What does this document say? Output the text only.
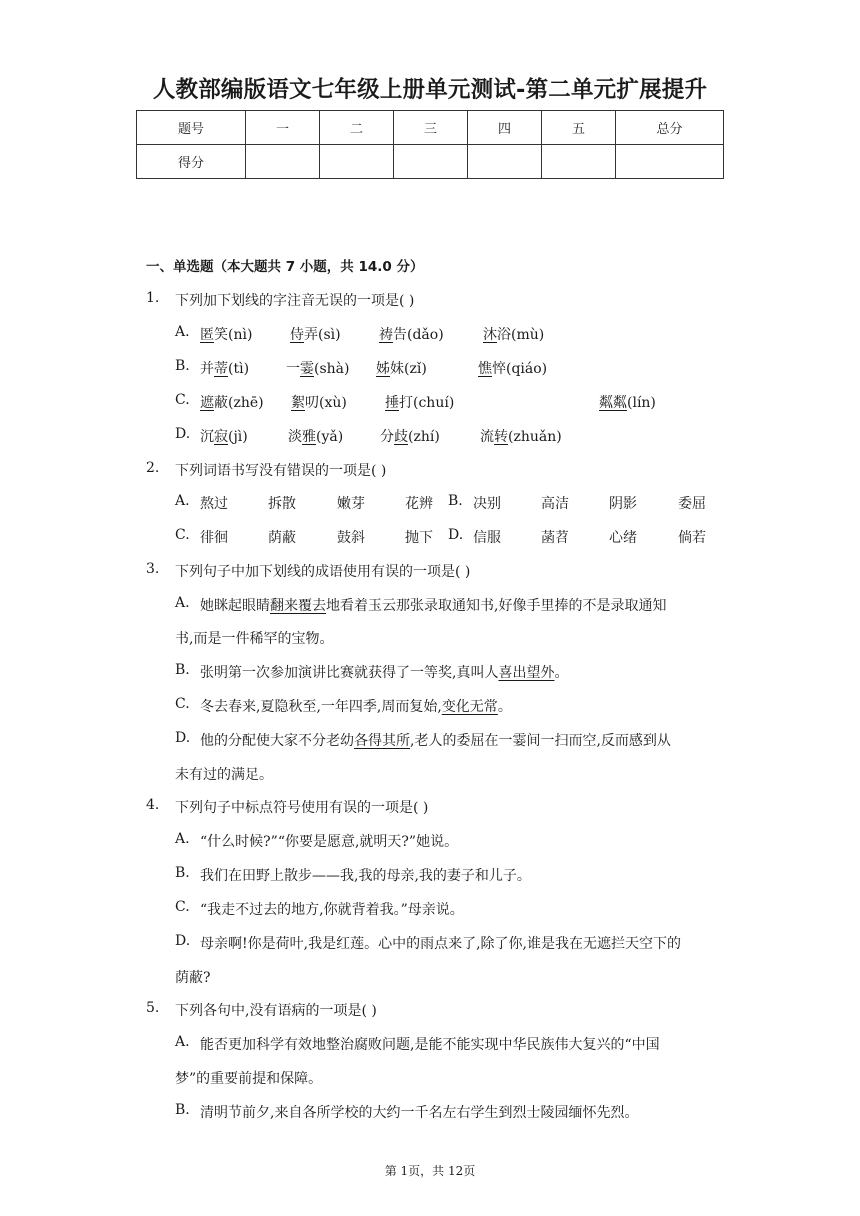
人教部编版语文七年级上册单元测试-第二单元扩展提升
题号	一	二	三	四	五	总分
得分						
一、单选题（本大题共 7 小题，共 14.0 分）
1. 下列加下划线的字注音无误的一项是( )
A. 匿笑(nì)	侍弄(sì)	祷告(dǎo)	沐浴(mù)
B. 并蒂(tì)	一霎(shà) 姊妹(zǐ)	憔悴(qiáo)
C. 遮蔽(zhē) 絮叨(xù)	捶打(chuí)	粼粼(lín)
D. 沉寂(jì)	淡雅(yǎ)	分歧(zhí)	流转(zhuǎn)
2. 下列词语书写没有错误的一项是( )
A. 熬过	拆散	嫩芽	花辨 B. 决别	高洁	阴影	委屈
C. 徘徊	荫蔽	鼓斜	抛下 D. 信服	菡苕	心绪	倘若
3. 下列句子中加下划线的成语使用有误的一项是( )
A. 她眯起眼睛翻来覆去地看着玉云那张录取通知书,好像手里捧的不是录取通知
书,而是一件稀罕的宝物。
B. 张明第一次参加演讲比赛就获得了一等奖,真叫人喜出望外。
C. 冬去春来,夏隐秋至,一年四季,周而复始,变化无常。
D. 他的分配使大家不分老幼各得其所,老人的委屈在一霎间一扫而空,反而感到从
未有过的满足。
4. 下列句子中标点符号使用有误的一项是( )
A. “什么时候?”“你要是愿意,就明天?”她说。
B. 我们在田野上散步——我,我的母亲,我的妻子和儿子。
C. “我走不过去的地方,你就背着我。”母亲说。
D. 母亲啊!你是荷叶,我是红莲。心中的雨点来了,除了你,谁是我在无遮拦天空下的
荫蔽?
5. 下列各句中,没有语病的一项是( )
A. 能否更加科学有效地整治腐败问题,是能不能实现中华民族伟大复兴的“中国
梦”的重要前提和保障。
B. 清明节前夕,来自各所学校的大约一千名左右学生到烈士陵园缅怀先烈。
第 1页，共 12页
